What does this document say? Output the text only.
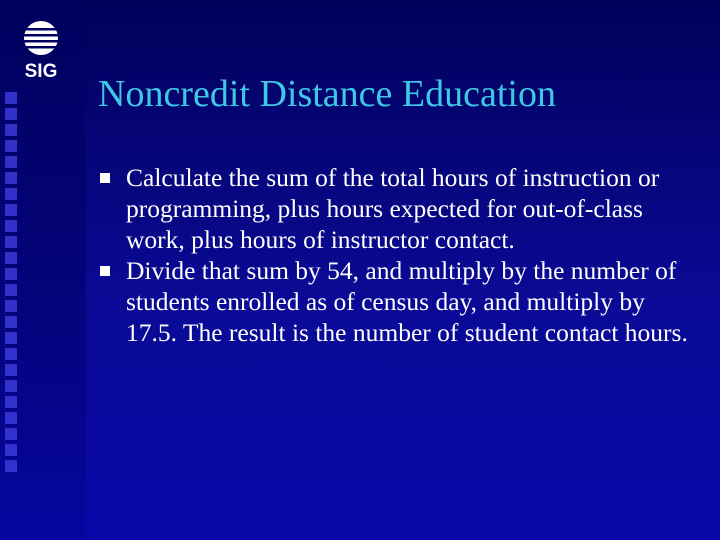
SIG
Noncredit Distance Education
Calculate the sum of the total hours of instruction or programming, plus hours expected for out-of-class work, plus hours of instructor contact.
Divide that sum by 54, and multiply by the number of students enrolled as of census day, and multiply by 17.5. The result is the number of student contact hours.
